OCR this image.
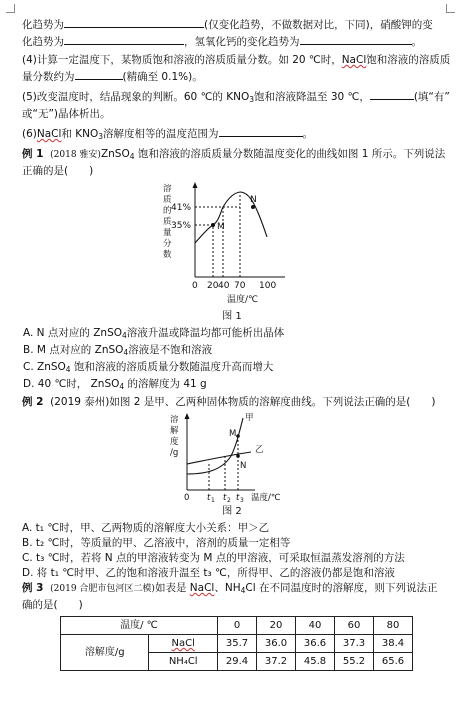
化趋势为	(仅变化趋势，不做数据对比，下同)，硝酸钾的变
化趋势为	，氢氧化钙的变化趋势为	。
(4)计算一定温度下，某物质饱和溶液的溶质质量分数。如 20 ℃时，NaCl饱和溶液的溶质质
量分数约为	(精确至 0.1%)。
(5)改变温度时，结晶现象的判断。60 ℃的 $KNO_3$饱和溶液降温至 30 ℃，	(填“有”
或“无”)晶体析出。
(6)NaCl和 $KNO_3$溶解度相等的温度范围为	。
例 1 (2018 雅安)ZnSO$_4$ 饱和溶液的溶质质量分数随温度变化的曲线如图 1 所示。下列说法
正确的是(　　)
溶
质
的
质
量
分
数
M
N
41%
35%
0 20 40 70 100
温度/℃
图 1
A. N 点对应的 ZnSO$_4$溶液升温或降温均都可能析出晶体
B. M 点对应的 ZnSO$_4$溶液是不饱和溶液
C. ZnSO$_4$ 饱和溶液的溶质质量分数随温度升高而增大
D. 40 ℃时， ZnSO$_4$ 的溶解度为 41 g
例 2 (2019 泰州)如图 2 是甲、乙两种固体物质的溶解度曲线。下列说法正确的是(　　)
溶
解
度
/g
M
N
甲
乙
0 t 1 t 2 t 3 温度/℃
图 2
A. t₁ ℃时，甲、乙两物质的溶解度大小关系：甲＞乙
B. t₂ ℃时，等质量的甲、乙溶液中，溶剂的质量一定相等
C. t₃ ℃时，若将 N 点的甲溶液转变为 M 点的甲溶液，可采取恒温蒸发溶剂的方法
D. 将 t₁ ℃时甲、乙的饱和溶液升温至 t₃ ℃，所得甲、乙的溶液仍都是饱和溶液
例 3 (2019 合肥市包河区二模)如表是 NaCl、$NH_4Cl$ 在不同温度时的溶解度，则下列说法正
确的是(　　)
温度/ ℃		0	20	40	60	80
溶解度/g	NaCl	35.7	36.0	36.6	37.3	38.4
	NH₄Cl	29.4	37.2	45.8	55.2	65.6
